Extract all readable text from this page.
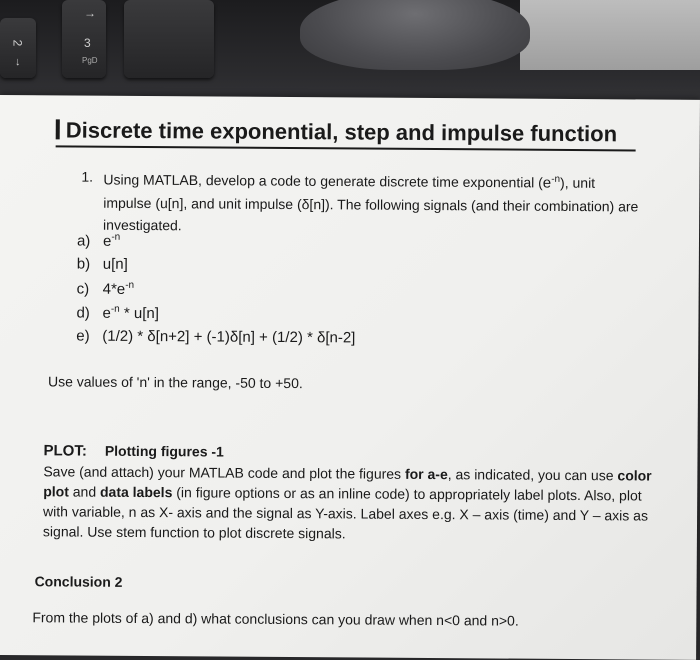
2
↓
→
3
PgD
Discrete time exponential, step and impulse function
1. Using MATLAB, develop a code to generate discrete time exponential $(e^{-n})$, unit impulse (u[n], and unit impulse (δ[n]). The following signals (and their combination) are investigated.
a) $e^{-n}$
b) u[n]
c) $4*e^{-n}$
d) $e^{-n} * u[n]$
e) (1/2) * δ[n+2] + (-1)δ[n] + (1/2) * δ[n-2]
Use values of 'n' in the range, -50 to +50.
PLOT: Plotting figures -1
Save (and attach) your MATLAB code and plot the figures for a-e, as indicated, you can use color plot and data labels (in figure options or as an inline code) to appropriately label plots. Also, plot with variable, n as X- axis and the signal as Y-axis. Label axes e.g. X – axis (time) and Y – axis as signal. Use stem function to plot discrete signals.
Conclusion 2
From the plots of a) and d) what conclusions can you draw when n<0 and n>0.
